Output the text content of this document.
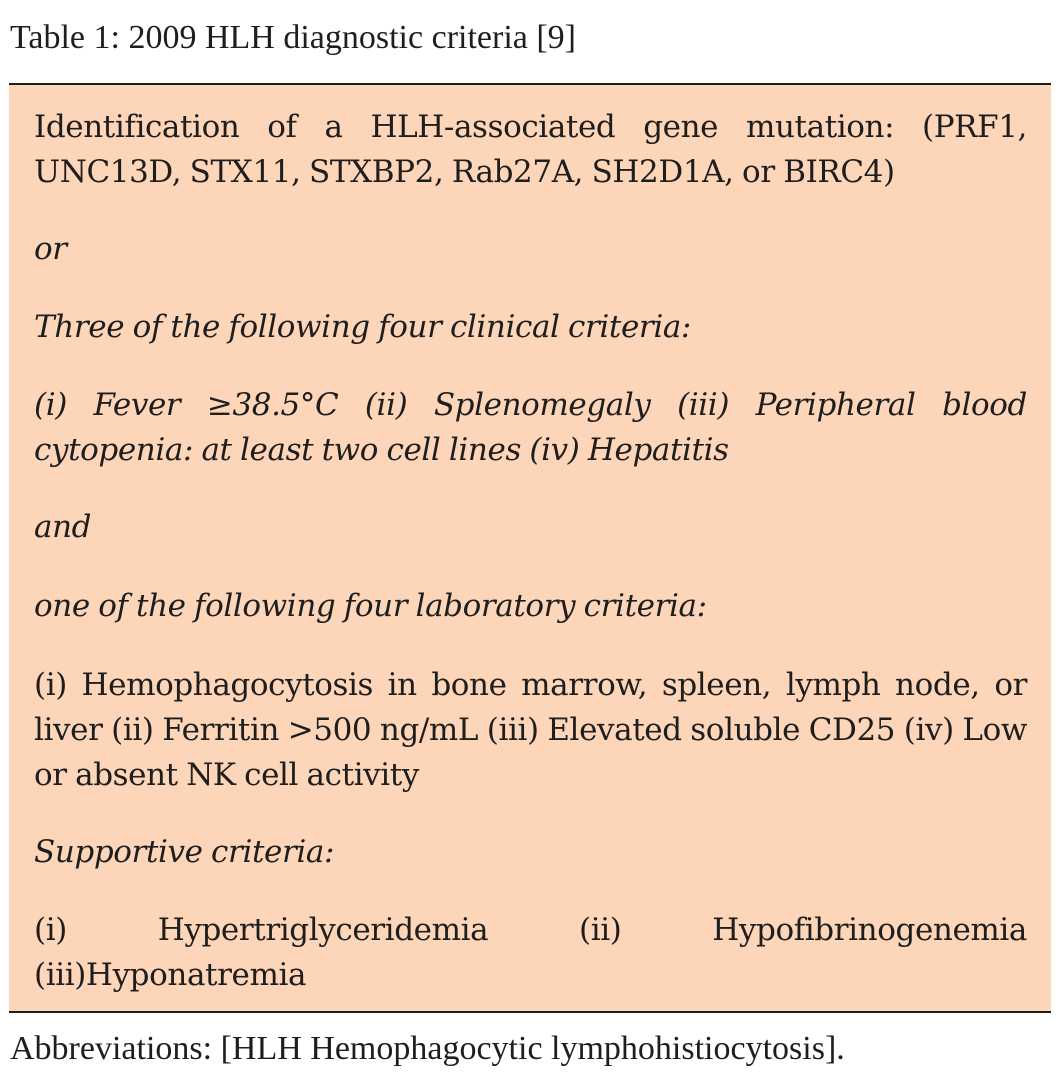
Table 1: 2009 HLH diagnostic criteria [9]
Identification of a HLH-associated gene mutation: (PRF1, UNC13D, STX11, STXBP2, Rab27A, SH2D1A, or BIRC4)
or
Three of the following four clinical criteria:
(i) Fever ≥38.5°C (ii) Splenomegaly (iii) Peripheral blood cytopenia: at least two cell lines (iv) Hepatitis
and
one of the following four laboratory criteria:
(i) Hemophagocytosis in bone marrow, spleen, lymph node, or liver (ii) Ferritin >500 ng/mL (iii) Elevated soluble CD25 (iv) Low or absent NK cell activity
Supportive criteria:
(i) Hypertriglyceridemia (ii) Hypofibrinogenemia (iii)Hyponatremia
Abbreviations: [HLH Hemophagocytic lymphohistiocytosis].
